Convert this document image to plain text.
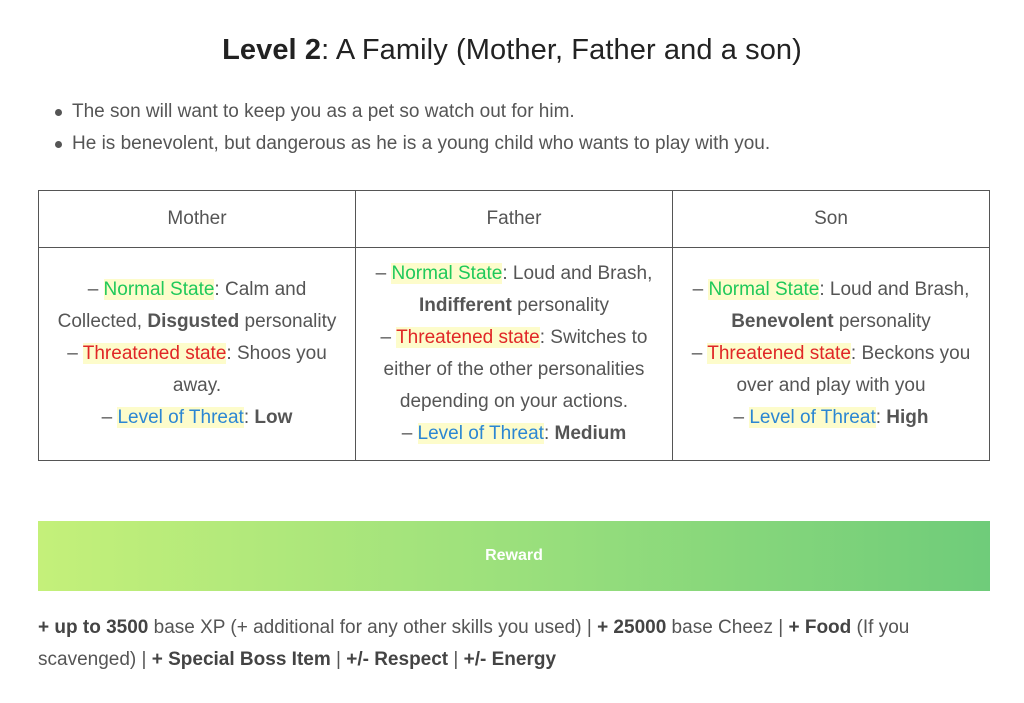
Level 2: A Family (Mother, Father and a son)
The son will want to keep you as a pet so watch out for him.
He is benevolent, but dangerous as he is a young child who wants to play with you.
Mother	Father	Son
– Normal State: Calm and Collected, Disgusted personality
– Threatened state: Shoos you away.
– Level of Threat: Low	– Normal State: Loud and Brash, Indifferent personality
– Threatened state: Switches to either of the other personalities depending on your actions.
– Level of Threat: Medium	– Normal State: Loud and Brash, Benevolent personality
– Threatened state: Beckons you over and play with you
– Level of Threat: High
Reward
+ up to 3500 base XP (+ additional for any other skills you used) | + 25000 base Cheez | + Food (If you scavenged) | + Special Boss Item | +/- Respect | +/- Energy
